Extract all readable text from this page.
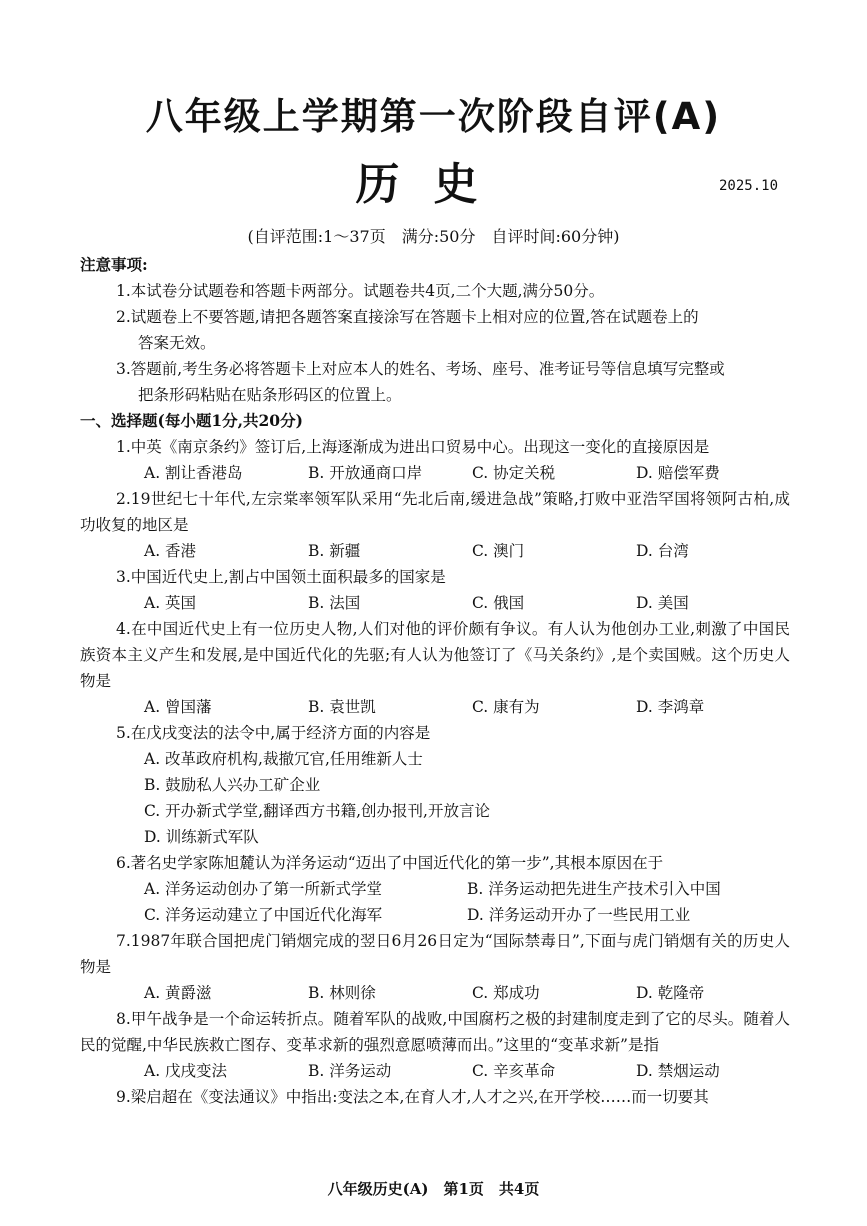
八年级上学期第一次阶段自评(A)
历史	2025.10
(自评范围:1～37页　满分:50分　自评时间:60分钟)
注意事项:
1.本试卷分试题卷和答题卡两部分。试题卷共4页,二个大题,满分50分。
2.试题卷上不要答题,请把各题答案直接涂写在答题卡上相对应的位置,答在试题卷上的
答案无效。
3.答题前,考生务必将答题卡上对应本人的姓名、考场、座号、准考证号等信息填写完整或
把条形码粘贴在贴条形码区的位置上。
一、选择题(每小题1分,共20分)
1.中英《南京条约》签订后,上海逐渐成为进出口贸易中心。出现这一变化的直接原因是
A. 割让香港岛	B. 开放通商口岸	C. 协定关税	D. 赔偿军费
2.19世纪七十年代,左宗棠率领军队采用“先北后南,缓进急战”策略,打败中亚浩罕国将领阿古柏,成功收复的地区是
A. 香港	B. 新疆	C. 澳门	D. 台湾
3.中国近代史上,割占中国领土面积最多的国家是
A. 英国	B. 法国	C. 俄国	D. 美国
4.在中国近代史上有一位历史人物,人们对他的评价颇有争议。有人认为他创办工业,刺激了中国民族资本主义产生和发展,是中国近代化的先驱;有人认为他签订了《马关条约》,是个卖国贼。这个历史人物是
A. 曾国藩	B. 袁世凯	C. 康有为	D. 李鸿章
5.在戊戌变法的法令中,属于经济方面的内容是
A. 改革政府机构,裁撤冗官,任用维新人士
B. 鼓励私人兴办工矿企业
C. 开办新式学堂,翻译西方书籍,创办报刊,开放言论
D. 训练新式军队
6.著名史学家陈旭麓认为洋务运动“迈出了中国近代化的第一步”,其根本原因在于
A. 洋务运动创办了第一所新式学堂	B. 洋务运动把先进生产技术引入中国
C. 洋务运动建立了中国近代化海军	D. 洋务运动开办了一些民用工业
7.1987年联合国把虎门销烟完成的翌日6月26日定为“国际禁毒日”,下面与虎门销烟有关的历史人物是
A. 黄爵滋	B. 林则徐	C. 郑成功	D. 乾隆帝
8.甲午战争是一个命运转折点。随着军队的战败,中国腐朽之极的封建制度走到了它的尽头。随着人民的觉醒,中华民族救亡图存、变革求新的强烈意愿喷薄而出。”这里的“变革求新”是指
A. 戊戌变法	B. 洋务运动	C. 辛亥革命	D. 禁烟运动
9.梁启超在《变法通议》中指出:变法之本,在育人才,人才之兴,在开学校……而一切要其
八年级历史(A)　第1页　共4页
